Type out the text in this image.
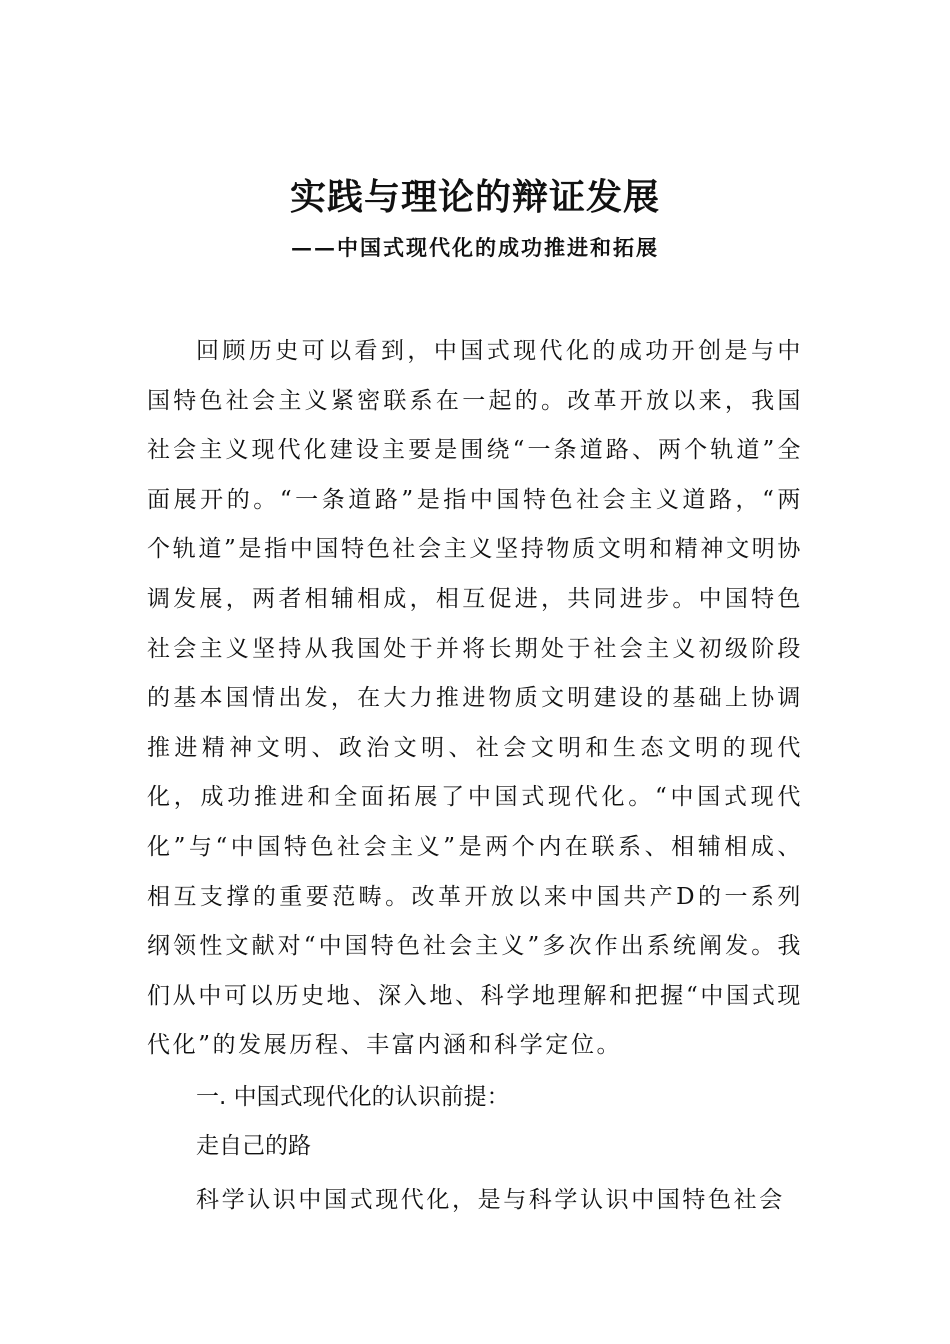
实践与理论的辩证发展
——中国式现代化的成功推进和拓展

回顾历史可以看到，中国式现代化的成功开创是与中国特色社会主义紧密联系在一起的。改革开放以来，我国社会主义现代化建设主要是围绕“一条道路、两个轨道”全面展开的。“一条道路”是指中国特色社会主义道路，“两个轨道”是指中国特色社会主义坚持物质文明和精神文明协调发展，两者相辅相成，相互促进，共同进步。中国特色社会主义坚持从我国处于并将长期处于社会主义初级阶段的基本国情出发，在大力推进物质文明建设的基础上协调推进精神文明、政治文明、社会文明和生态文明的现代化，成功推进和全面拓展了中国式现代化。“中国式现代化”与“中国特色社会主义”是两个内在联系、相辅相成、相互支撑的重要范畴。改革开放以来中国共产D的一系列纲领性文献对“中国特色社会主义”多次作出系统阐发。我们从中可以历史地、深入地、科学地理解和把握“中国式现代化”的发展历程、丰富内涵和科学定位。

一. 中国式现代化的认识前提：
走自己的路

科学认识中国式现代化，是与科学认识中国特色社会
